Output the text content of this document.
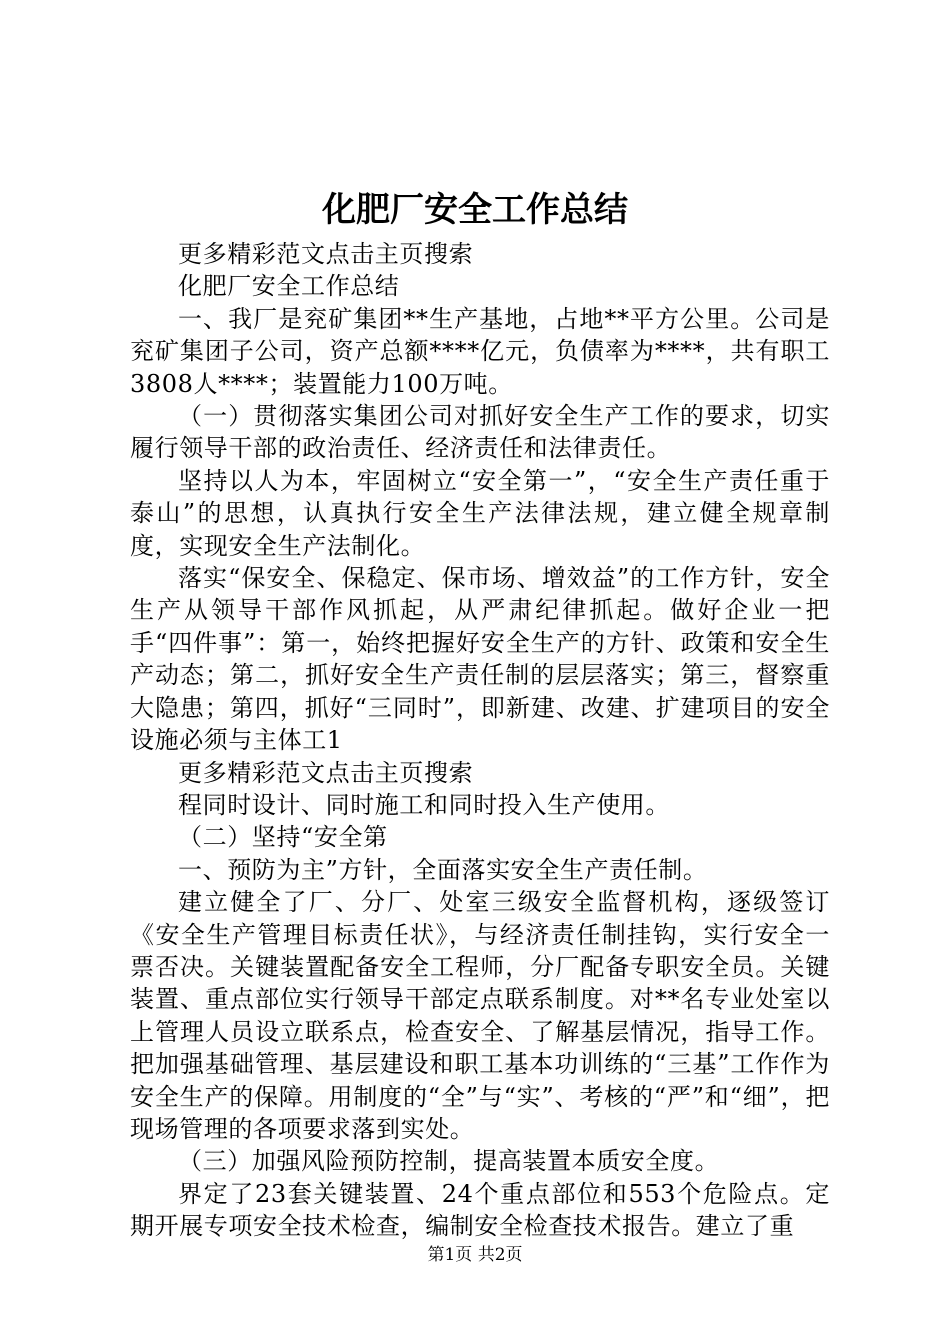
化肥厂安全工作总结

更多精彩范文点击主页搜索

化肥厂安全工作总结

一、我厂是兖矿集团**生产基地，占地**平方公里。公司是兖矿集团子公司，资产总额****亿元，负债率为****，共有职工3808人****；装置能力100万吨。

（一）贯彻落实集团公司对抓好安全生产工作的要求，切实履行领导干部的政治责任、经济责任和法律责任。

坚持以人为本，牢固树立“安全第一”，“安全生产责任重于泰山”的思想，认真执行安全生产法律法规，建立健全规章制度，实现安全生产法制化。

落实“保安全、保稳定、保市场、增效益”的工作方针，安全生产从领导干部作风抓起，从严肃纪律抓起。做好企业一把手“四件事”：第一，始终把握好安全生产的方针、政策和安全生产动态；第二，抓好安全生产责任制的层层落实；第三，督察重大隐患；第四，抓好“三同时”，即新建、改建、扩建项目的安全设施必须与主体工1

更多精彩范文点击主页搜索

程同时设计、同时施工和同时投入生产使用。

（二）坚持“安全第

一、预防为主”方针，全面落实安全生产责任制。

建立健全了厂、分厂、处室三级安全监督机构，逐级签订《安全生产管理目标责任状》，与经济责任制挂钩，实行安全一票否决。关键装置配备安全工程师，分厂配备专职安全员。关键装置、重点部位实行领导干部定点联系制度。对**名专业处室以上管理人员设立联系点，检查安全、了解基层情况，指导工作。把加强基础管理、基层建设和职工基本功训练的“三基”工作作为安全生产的保障。用制度的“全”与“实”、考核的“严”和“细”，把现场管理的各项要求落到实处。

（三）加强风险预防控制，提高装置本质安全度。

界定了23套关键装置、24个重点部位和553个危险点。定期开展专项安全技术检查，编制安全检查技术报告。建立了重

第1页 共2页
